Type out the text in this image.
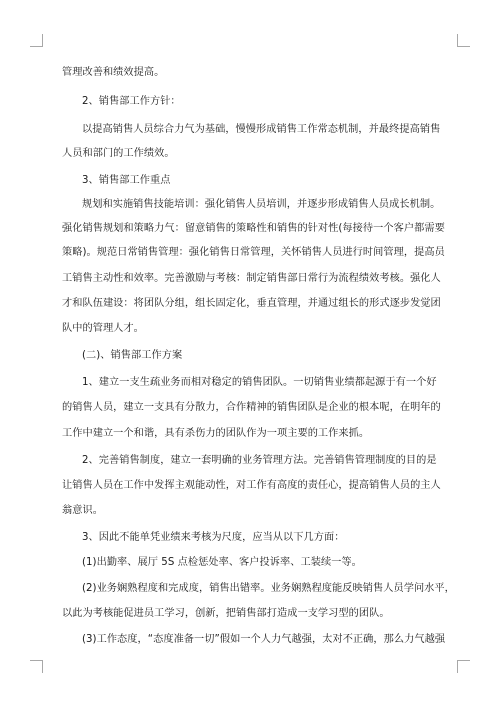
管理改善和绩效提高。
2、销售部工作方针：
以提高销售人员综合力气为基础，慢慢形成销售工作常态机制，并最终提高销售
人员和部门的工作绩效。
3、销售部工作重点
规划和实施销售技能培训：强化销售人员培训，并逐步形成销售人员成长机制。
强化销售规划和策略力气：留意销售的策略性和销售的针对性(每接待一个客户都需要
策略)。规范日常销售管理：强化销售日常管理，关怀销售人员进行时间管理，提高员
工销售主动性和效率。完善激励与考核：制定销售部日常行为流程绩效考核。强化人
才和队伍建设：将团队分组，组长固定化，垂直管理，并通过组长的形式逐步发觉团
队中的管理人才。
(二)、销售部工作方案
1、建立一支生疏业务而相对稳定的销售团队。一切销售业绩都起源于有一个好
的销售人员，建立一支具有分散力，合作精神的销售团队是企业的根本呢，在明年的
工作中建立一个和谐，具有杀伤力的团队作为一项主要的工作来抓。
2、完善销售制度，建立一套明确的业务管理方法。完善销售管理制度的目的是
让销售人员在工作中发挥主观能动性，对工作有高度的责任心，提高销售人员的主人
翁意识。
3、因此不能单凭业绩来考核为尺度，应当从以下几方面：
(1)出勤率、展厅 5S 点检惩处率、客户投诉率、工装续一等。
(2)业务娴熟程度和完成度，销售出错率。业务娴熟程度能反映销售人员学问水平，
以此为考核能促进员工学习，创新，把销售部打造成一支学习型的团队。
(3)工作态度，“态度准备一切”假如一个人力气越强，太对不正确，那么力气越强
